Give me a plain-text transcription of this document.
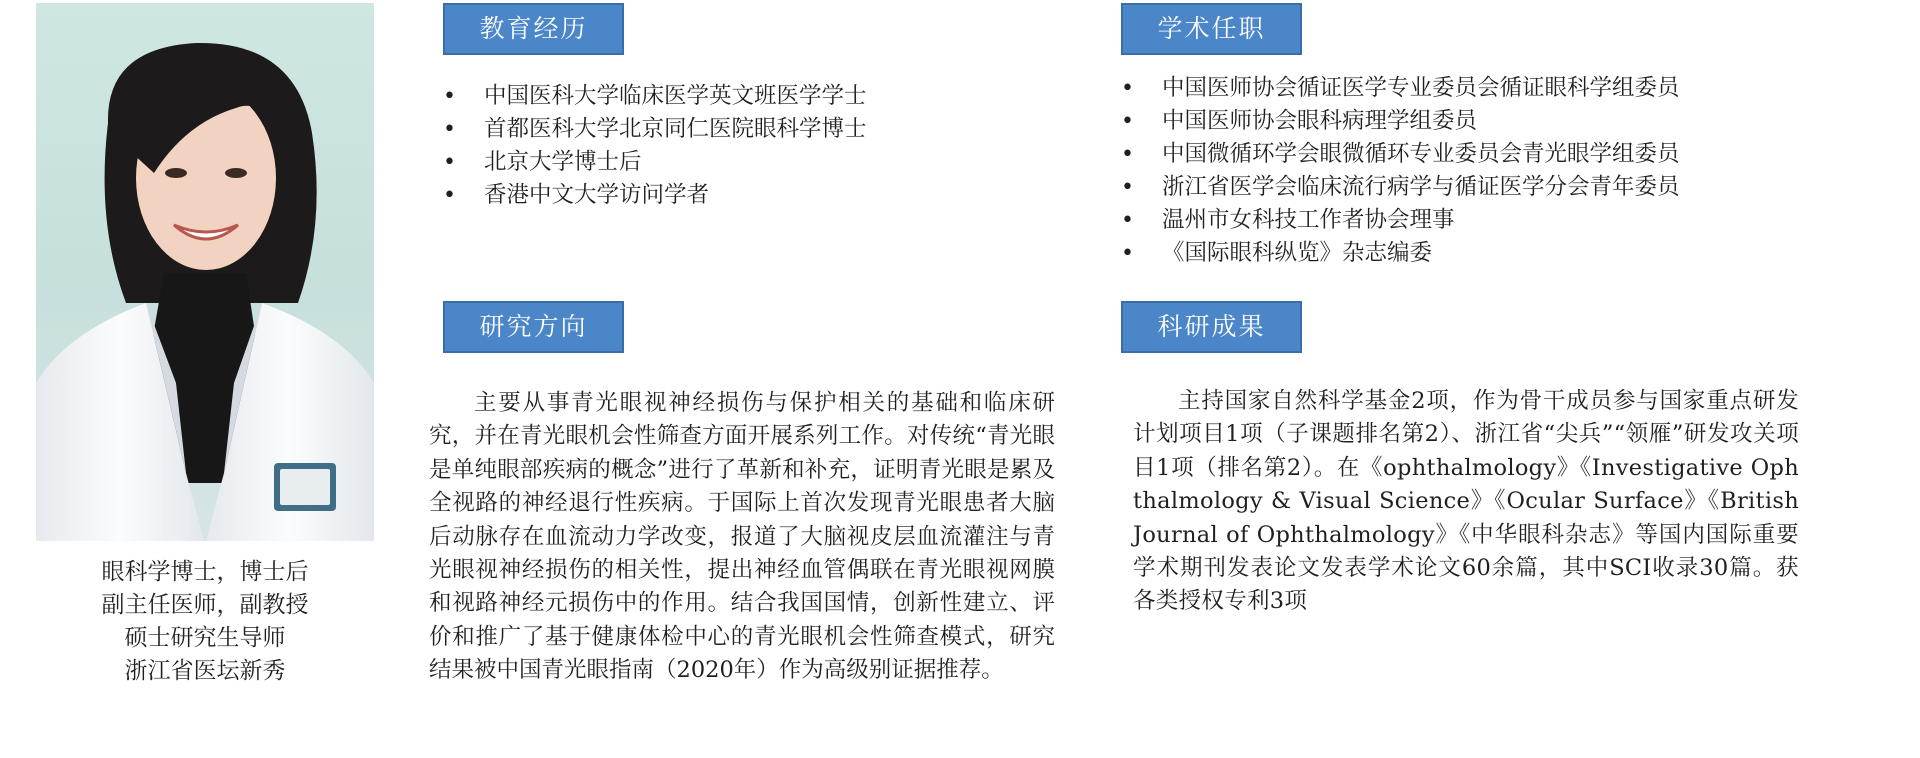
眼科学博士，博士后
副主任医师，副教授
硕士研究生导师
浙江省医坛新秀
教育经历
• 中国医科大学临床医学英文班医学学士
• 首都医科大学北京同仁医院眼科学博士
• 北京大学博士后
• 香港中文大学访问学者
研究方向

主要从事青光眼视神经损伤与保护相关的基础和临床研究，并在青光眼机会性筛查方面开展系列工作。对传统“青光眼是单纯眼部疾病的概念”进行了革新和补充，证明青光眼是累及全视路的神经退行性疾病。于国际上首次发现青光眼患者大脑后动脉存在血流动力学改变，报道了大脑视皮层血流灌注与青光眼视神经损伤的相关性，提出神经血管偶联在青光眼视网膜和视路神经元损伤中的作用。结合我国国情，创新性建立、评价和推广了基于健康体检中心的青光眼机会性筛查模式，研究结果被中国青光眼指南（2020年）作为高级别证据推荐。

学术任职
• 中国医师协会循证医学专业委员会循证眼科学组委员
• 中国医师协会眼科病理学组委员
• 中国微循环学会眼微循环专业委员会青光眼学组委员
• 浙江省医学会临床流行病学与循证医学分会青年委员
• 温州市女科技工作者协会理事
• 《国际眼科纵览》杂志编委
科研成果

主持国家自然科学基金2项，作为骨干成员参与国家重点研发计划项目1项（子课题排名第2）、浙江省“尖兵”“领雁”研发攻关项目1项（排名第2）。在《ophthalmology》《Investigative Ophthalmology & Visual Science》《Ocular Surface》《British Journal of Ophthalmology》《中华眼科杂志》等国内国际重要学术期刊发表论文发表学术论文60余篇，其中SCI收录30篇。获各类授权专利3项
